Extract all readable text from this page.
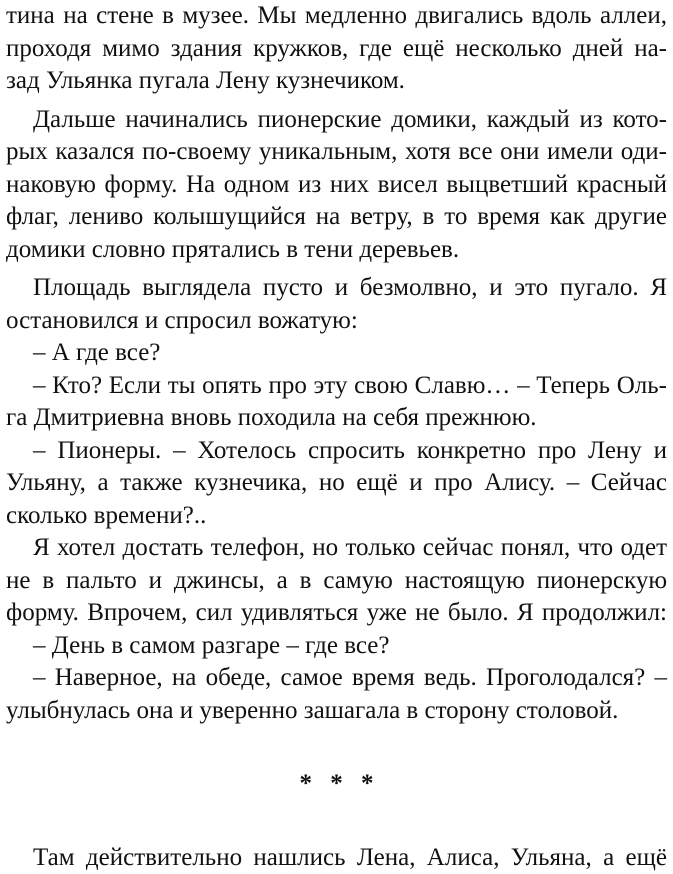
тина на стене в музее. Мы медленно двигались вдоль аллеи,
проходя мимо здания кружков, где ещё несколько дней на-
зад Ульянка пугала Лену кузнечиком.
Дальше начинались пионерские домики, каждый из кото-
рых казался по-своему уникальным, хотя все они имели оди-
наковую форму. На одном из них висел выцветший красный
флаг, лениво колышущийся на ветру, в то время как другие
домики словно прятались в тени деревьев.
Площадь выглядела пусто и безмолвно, и это пугало. Я
остановился и спросил вожатую:
– А где все?
– Кто? Если ты опять про эту свою Славю… – Теперь Оль-
га Дмитриевна вновь походила на себя прежнюю.
– Пионеры. – Хотелось спросить конкретно про Лену и
Ульяну, а также кузнечика, но ещё и про Алису. – Сейчас
сколько времени?..
Я хотел достать телефон, но только сейчас понял, что одет
не в пальто и джинсы, а в самую настоящую пионерскую
форму. Впрочем, сил удивляться уже не было. Я продолжил:
– День в самом разгаре – где все?
– Наверное, на обеде, самое время ведь. Проголодался? –
улыбнулась она и уверенно зашагала в сторону столовой.
* * *
Там действительно нашлись Лена, Алиса, Ульяна, а ещё
